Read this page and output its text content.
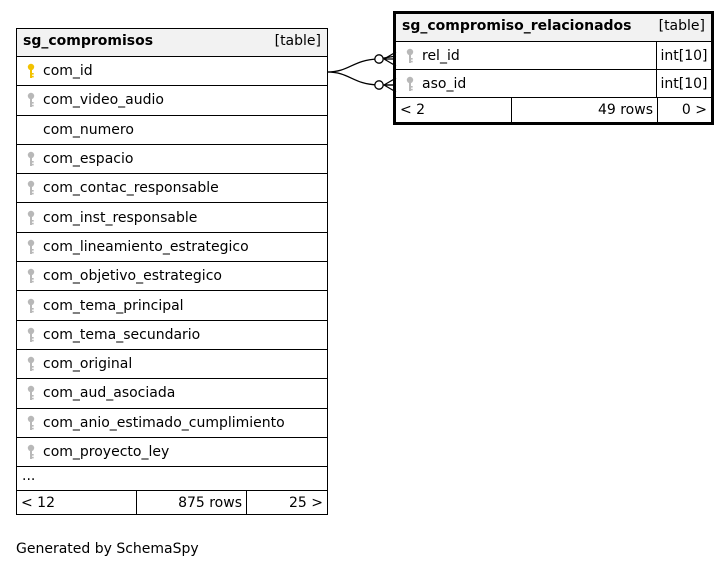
sg_compromisos	[table]
com_id
com_video_audio
com_numero
com_espacio
com_contac_responsable
com_inst_responsable
com_lineamiento_estrategico
com_objetivo_estrategico
com_tema_principal
com_tema_secundario
com_original
com_aud_asociada
com_anio_estimado_cumplimiento
com_proyecto_ley
...
< 12	875 rows	25 >
sg_compromiso_relacionados [table]
rel_id	int[10]
aso_id	int[10]
< 2	49 rows	0 >
Generated by SchemaSpy
